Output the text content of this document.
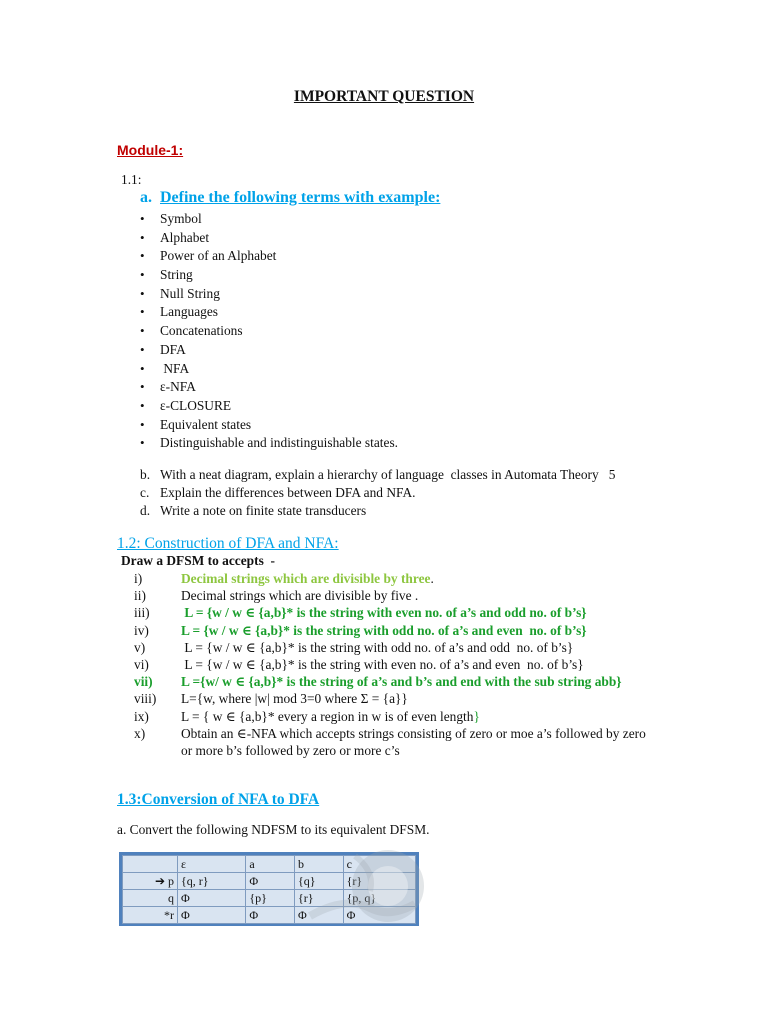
IMPORTANT QUESTION
Module-1:
1.1:
a. Define the following terms with example:
• Symbol
• Alphabet
• Power of an Alphabet
• String
• Null String
• Languages
• Concatenations
• DFA
•  NFA
• ε-NFA
• ε-CLOSURE
• Equivalent states
• Distinguishable and indistinguishable states.
b. With a neat diagram, explain a hierarchy of language  classes in Automata Theory   5
c. Explain the differences between DFA and NFA.
d. Write a note on finite state transducers
1.2: Construction of DFA and NFA:
Draw a DFSM to accepts  -
i)	Decimal strings which are divisible by three.
ii)	Decimal strings which are divisible by five .
iii)	L = {w / w ∈ {a,b}* is the string with even no. of a’s and odd no. of b’s}
iv)	L = {w / w ∈ {a,b}* is the string with odd no. of a’s and even  no. of b’s}
v)	L = {w / w ∈ {a,b}* is the string with odd no. of a’s and odd  no. of b’s}
vi)	L = {w / w ∈ {a,b}* is the string with even no. of a’s and even  no. of b’s}
vii)	L ={w/ w ∈ {a,b}* is the string of a’s and b’s and end with the sub string abb}
viii)	L={w, where |w| mod 3=0 where Σ = {a}}
ix)	L = { w ∈ {a,b}* every a region in w is of even length}
x)	Obtain an ∈-NFA which accepts strings consisting of zero or moe a’s followed by zero or more b’s followed by zero or more c’s
1.3:Conversion of NFA to DFA
a. Convert the following NDFSM to its equivalent DFSM.
	ε	a	b	c
➔ p	{q, r}	Φ	{q}	{r}
q	Φ	{p}	{r}	{p, q}
*r	Φ	Φ	Φ	Φ
